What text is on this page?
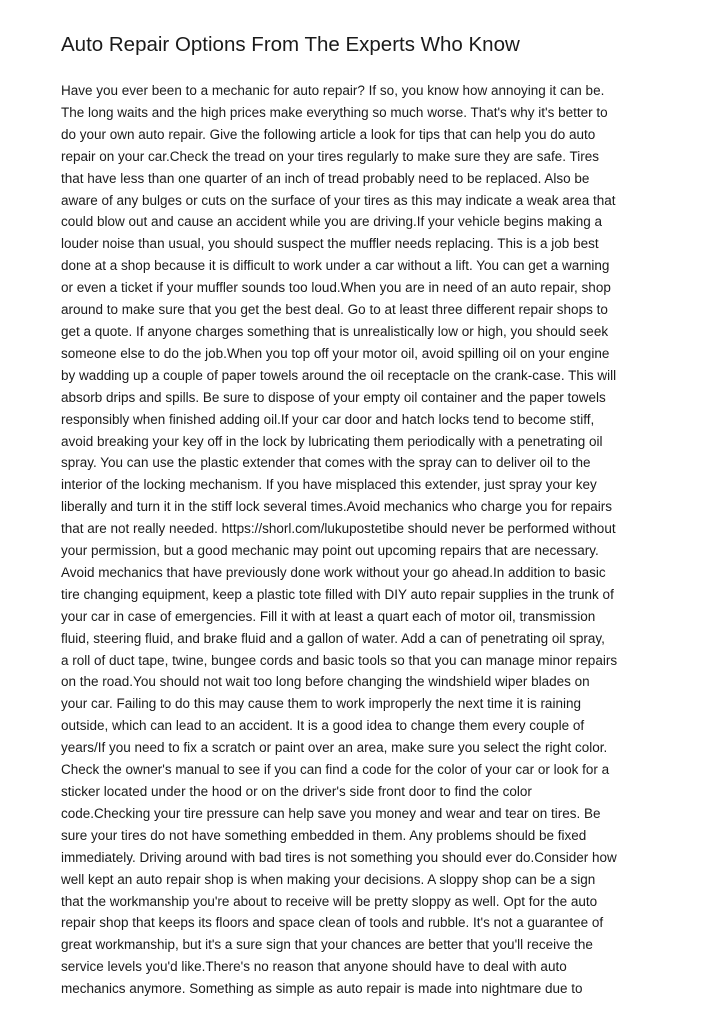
Auto Repair Options From The Experts Who Know
Have you ever been to a mechanic for auto repair? If so, you know how annoying it can be.
The long waits and the high prices make everything so much worse. That's why it's better to
do your own auto repair. Give the following article a look for tips that can help you do auto
repair on your car.Check the tread on your tires regularly to make sure they are safe. Tires
that have less than one quarter of an inch of tread probably need to be replaced. Also be
aware of any bulges or cuts on the surface of your tires as this may indicate a weak area that
could blow out and cause an accident while you are driving.If your vehicle begins making a
louder noise than usual, you should suspect the muffler needs replacing. This is a job best
done at a shop because it is difficult to work under a car without a lift. You can get a warning
or even a ticket if your muffler sounds too loud.When you are in need of an auto repair, shop
around to make sure that you get the best deal. Go to at least three different repair shops to
get a quote. If anyone charges something that is unrealistically low or high, you should seek
someone else to do the job.When you top off your motor oil, avoid spilling oil on your engine
by wadding up a couple of paper towels around the oil receptacle on the crank-case. This will
absorb drips and spills. Be sure to dispose of your empty oil container and the paper towels
responsibly when finished adding oil.If your car door and hatch locks tend to become stiff,
avoid breaking your key off in the lock by lubricating them periodically with a penetrating oil
spray. You can use the plastic extender that comes with the spray can to deliver oil to the
interior of the locking mechanism. If you have misplaced this extender, just spray your key
liberally and turn it in the stiff lock several times.Avoid mechanics who charge you for repairs
that are not really needed. https://shorl.com/lukupostetibe should never be performed without
your permission, but a good mechanic may point out upcoming repairs that are necessary.
Avoid mechanics that have previously done work without your go ahead.In addition to basic
tire changing equipment, keep a plastic tote filled with DIY auto repair supplies in the trunk of
your car in case of emergencies. Fill it with at least a quart each of motor oil, transmission
fluid, steering fluid, and brake fluid and a gallon of water. Add a can of penetrating oil spray,
a roll of duct tape, twine, bungee cords and basic tools so that you can manage minor repairs
on the road.You should not wait too long before changing the windshield wiper blades on
your car. Failing to do this may cause them to work improperly the next time it is raining
outside, which can lead to an accident. It is a good idea to change them every couple of
years/If you need to fix a scratch or paint over an area, make sure you select the right color.
Check the owner's manual to see if you can find a code for the color of your car or look for a
sticker located under the hood or on the driver's side front door to find the color
code.Checking your tire pressure can help save you money and wear and tear on tires. Be
sure your tires do not have something embedded in them. Any problems should be fixed
immediately. Driving around with bad tires is not something you should ever do.Consider how
well kept an auto repair shop is when making your decisions. A sloppy shop can be a sign
that the workmanship you're about to receive will be pretty sloppy as well. Opt for the auto
repair shop that keeps its floors and space clean of tools and rubble. It's not a guarantee of
great workmanship, but it's a sure sign that your chances are better that you'll receive the
service levels you'd like.There's no reason that anyone should have to deal with auto
mechanics anymore. Something as simple as auto repair is made into nightmare due to
